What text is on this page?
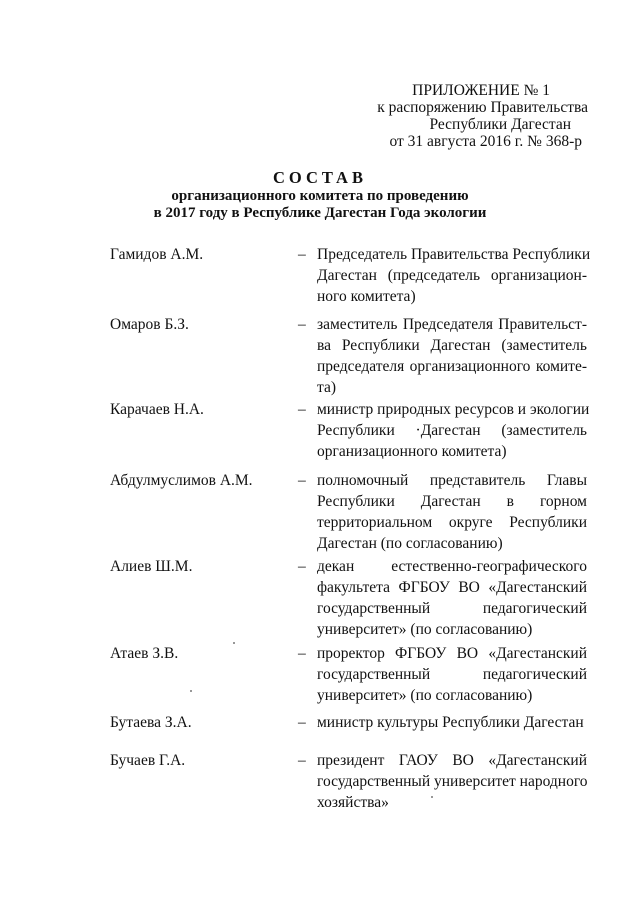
ПРИЛОЖЕНИЕ № 1
к распоряжению Правительства
Республики Дагестан
от 31 августа 2016 г. № 368-р
СОСТАВ
организационного комитета по проведению
в 2017 году в Республике Дагестан Года экологии
Гамидов А.М.	– Председатель Правительства Республики
Дагестан (председатель организацион-
ного комитета)
Омаров Б.З.	– заместитель Председателя Правительст-
ва Республики Дагестан (заместитель
председателя организационного комите-
та)
Карачаев Н.А.	– министр природных ресурсов и экологии
Республики ·Дагестан (заместитель
организационного комитета)
Абдулмуслимов А.М.	– полномочный представитель Главы
Республики Дагестан в горном
территориальном округе Республики
Дагестан (по согласованию)
Алиев Ш.М.	– декан естественно-географического
факультета ФГБОУ ВО «Дагестанский
государственный педагогический
университет» (по согласованию)
Атаев З.В.	– проректор ФГБОУ ВО «Дагестанский
государственный педагогический
университет» (по согласованию)
Бутаева З.А.	– министр культуры Республики Дагестан
Бучаев Г.А.	– президент ГАОУ ВО «Дагестанский
государственный университет народного
хозяйства»
